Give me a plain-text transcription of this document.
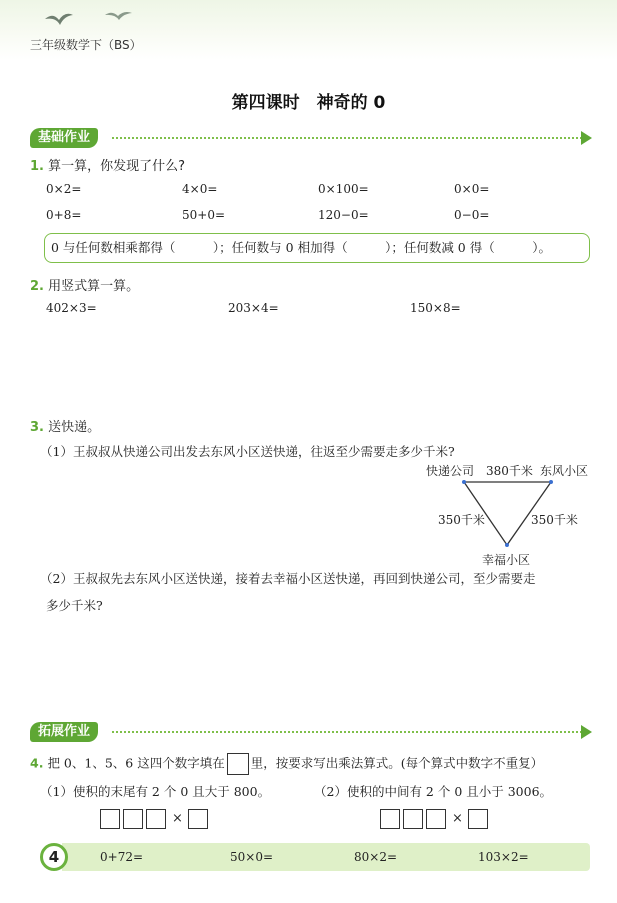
三年级数学下（BS）
第四课时　神奇的 0
基础作业
1. 算一算，你发现了什么?
0×2=	4×0=	0×100=	0×0=
0+8=	50+0=	120−0=	0−0=
0 与任何数相乘都得（　　　）；任何数与 0 相加得（　　　）；任何数减 0 得（　　　）。
2. 用竖式算一算。
402×3=	203×4=	150×8=
3. 送快递。
（1）王叔叔从快递公司出发去东风小区送快递，往返至少需要走多少千米?
快递公司 380千米 东风小区
350千米	350千米
幸福小区
（2）王叔叔先去东风小区送快递，接着去幸福小区送快递，再回到快递公司，至少需要走
多少千米?
拓展作业
4. 把 0、1、5、6 这四个数字填在 里，按要求写出乘法算式。(每个算式中数字不重复）
（1）使积的末尾有 2 个 0 且大于 800。	（2）使积的中间有 2 个 0 且小于 3006。
×	×
4	0+72=	50×0=	80×2=	103×2=
